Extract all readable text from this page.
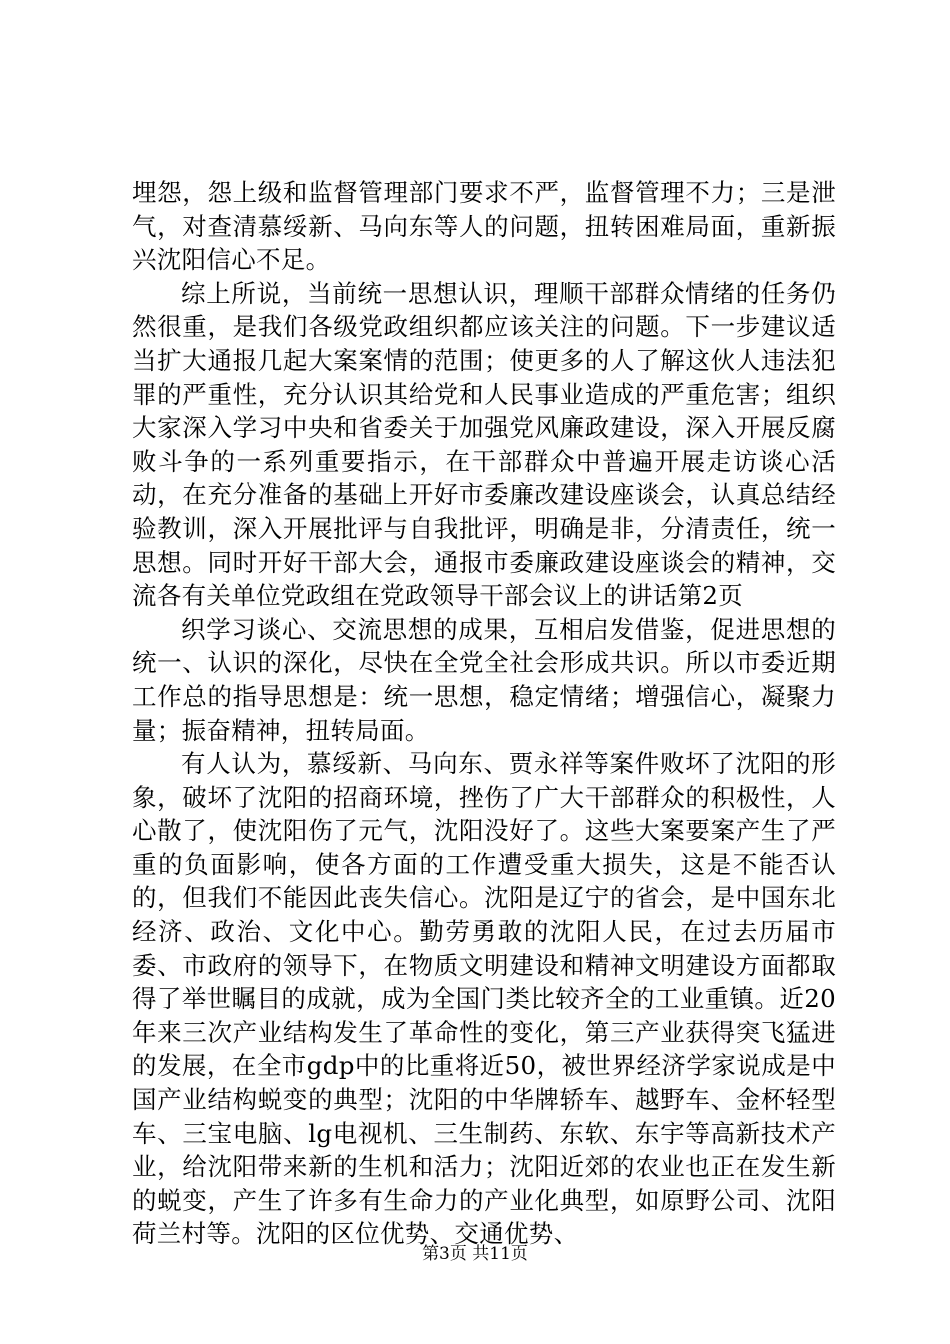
埋怨，怨上级和监督管理部门要求不严，监督管理不力；三是泄气，对查清慕绥新、马向东等人的问题，扭转困难局面，重新振兴沈阳信心不足。

综上所说，当前统一思想认识，理顺干部群众情绪的任务仍然很重，是我们各级党政组织都应该关注的问题。下一步建议适当扩大通报几起大案案情的范围；使更多的人了解这伙人违法犯罪的严重性，充分认识其给党和人民事业造成的严重危害；组织大家深入学习中央和省委关于加强党风廉政建设，深入开展反腐败斗争的一系列重要指示，在干部群众中普遍开展走访谈心活动，在充分准备的基础上开好市委廉改建设座谈会，认真总结经验教训，深入开展批评与自我批评，明确是非，分清责任，统一思想。同时开好干部大会，通报市委廉政建设座谈会的精神，交流各有关单位党政组在党政领导干部会议上的讲话第2页

织学习谈心、交流思想的成果，互相启发借鉴，促进思想的统一、认识的深化，尽快在全党全社会形成共识。所以市委近期工作总的指导思想是：统一思想，稳定情绪；增强信心，凝聚力量；振奋精神，扭转局面。

有人认为，慕绥新、马向东、贾永祥等案件败坏了沈阳的形象，破坏了沈阳的招商环境，挫伤了广大干部群众的积极性，人心散了，使沈阳伤了元气，沈阳没好了。这些大案要案产生了严重的负面影响，使各方面的工作遭受重大损失，这是不能否认的，但我们不能因此丧失信心。沈阳是辽宁的省会，是中国东北经济、政治、文化中心。勤劳勇敢的沈阳人民，在过去历届市委、市政府的领导下，在物质文明建设和精神文明建设方面都取得了举世瞩目的成就，成为全国门类比较齐全的工业重镇。近20年来三次产业结构发生了革命性的变化，第三产业获得突飞猛进的发展，在全市gdp中的比重将近50，被世界经济学家说成是中国产业结构蜕变的典型；沈阳的中华牌轿车、越野车、金杯轻型车、三宝电脑、lg电视机、三生制药、东软、东宇等高新技术产业，给沈阳带来新的生机和活力；沈阳近郊的农业也正在发生新的蜕变，产生了许多有生命力的产业化典型，如原野公司、沈阳荷兰村等。沈阳的区位优势、交通优势、

第3页 共11页
